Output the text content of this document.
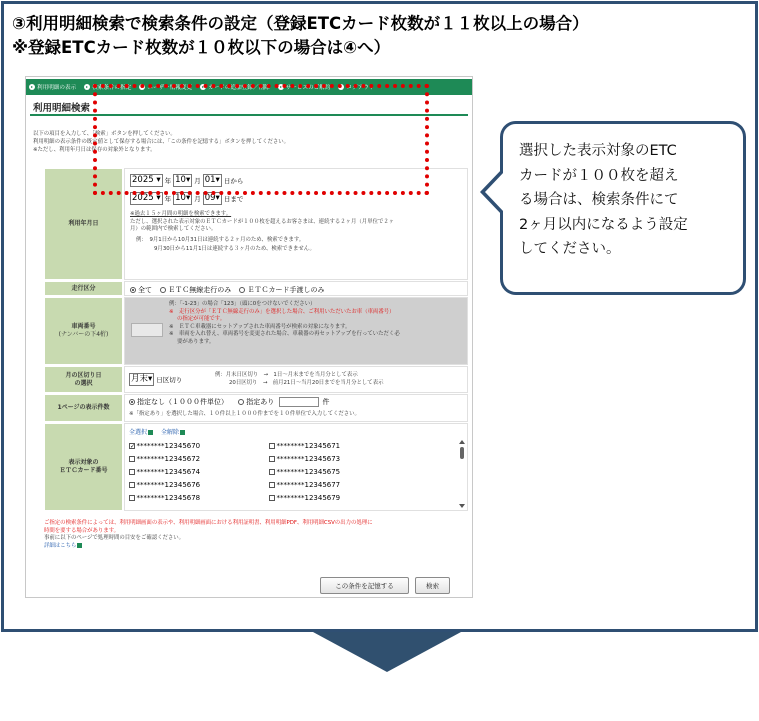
③利用明細検索で検索条件の設定（登録ETCカード枚数が１１枚以上の場合）
※登録ETCカード枚数が１０枚以下の場合は④へ）
利用明細の表示	検索条件の指定	ユーザー情報変更	カードの追加登録／削除	サービスのご解約	ログアウト
利用明細検索
以下の項目を入力して、「検索」ボタンを押してください。
利用明細の表示条件の既定値として保存する場合には、「この条件を記憶する」ボタンを押してください。
※ただし、利用年月日は保存の対象外となります。
利用年月日
2025 ▾ 年 10▾ 月 01▾ 日から
2025 ▾ 年 10▾ 月 09▾ 日まで
※過去１５ヶ月間の明細を検索できます。
ただし、選択された表示対象のＥＴＣカードが１００枚を超えるお客さまは、連続する２ヶ月（月単位で２ヶ
月）の範囲内で検索してください。
例：　9月1日から10月31日は連続する２ヶ月のため、検索できます。
9月30日から11月1日は連続する３ヶ月のため、検索できません。
走行区分	全て ＥＴＣ無線走行のみ ＥＴＣカード手渡しのみ
車両番号
(ナンバーの下4桁)
例：「-1-23」の場合「123」（頭に0をつけないでください）
※　走行区分が「ＥＴＣ無線走行のみ」を選択した場合、ご利用いただいたお車（車両番号）
の指定が可能です。
※　ＥＴＣ車載器にセットアップされた車両番号が検索の対象になります。
※　車両を入れ替え、車両番号を変更された場合、車載器の再セットアップを行っていただく必
要があります。
月の区切り日
の選択	月末▾ 日区切り
例：月末日区切り　→　1日～月末までを当月分として表示
20日区切り　→　前月21日～当月20日までを当月分として表示
1ページの表示件数
指定なし（１０００件単位）	指定あり	件
※「指定あり」を選択した場合、１０件以上１０００件までを１０件単位で入力してください。
表示対象の
ＥＴＣカード番号
全選択 全解除
✓********12345670	********12345671
********12345672	********12345673
********12345674	********12345675
********12345676	********12345677
********12345678	********12345679
ご指定の検索条件によっては、利用明細画面の表示や、利用明細画面における利用証明書、利用明細PDF、利用明細CSVの出力の処理に
時間を要する場合があります。
事前に以下のページで処理時間の目安をご確認ください。
詳細はこちら
この条件を記憶する	検索
選択した表示対象のETC
カードが１００枚を超え
る場合は、検索条件にて
2ヶ月以内になるよう設定
してください。
